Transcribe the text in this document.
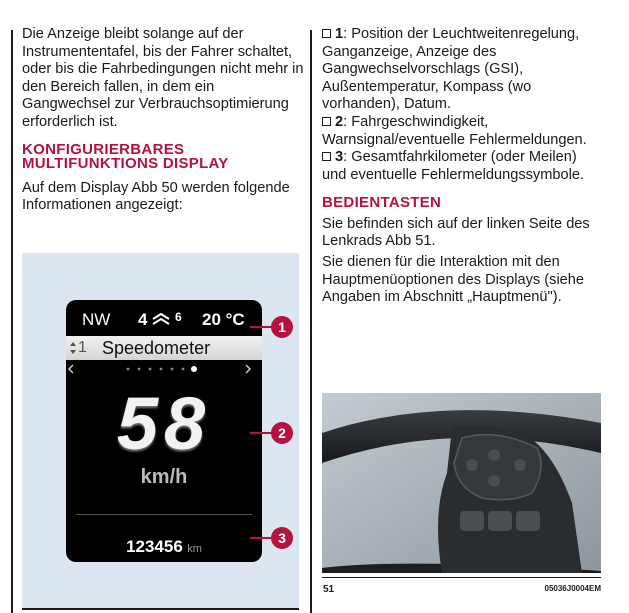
Die Anzeige bleibt solange auf der Instrumententafel, bis der Fahrer schaltet, oder bis die Fahrbedingungen nicht mehr in den Bereich fallen, in dem ein Gangwechsel zur Verbrauchsoptimierung erforderlich ist.

KONFIGURIERBARES MULTIFUNKTIONS DISPLAY

Auf dem Display Abb 50 werden folgende Informationen angezeigt:

NW 4 $^6$ 20 °C
1 Speedometer
58
km/h
123456 km
1
2
3

1: Position der Leuchtweitenregelung, Ganganzeige, Anzeige des Gangwechselvorschlags (GSI), Außentemperatur, Kompass (wo vorhanden), Datum.

2: Fahrgeschwindigkeit, Warnsignal/eventuelle Fehlermeldungen.

3: Gesamtfahrkilometer (oder Meilen) und eventuelle Fehlermeldungssymbole.

BEDIENTASTEN

Sie befinden sich auf der linken Seite des Lenkrads Abb 51.

Sie dienen für die Interaktion mit den Hauptmenüoptionen des Displays (siehe Angaben im Abschnitt „Hauptmenü").

51	05036J0004EM
